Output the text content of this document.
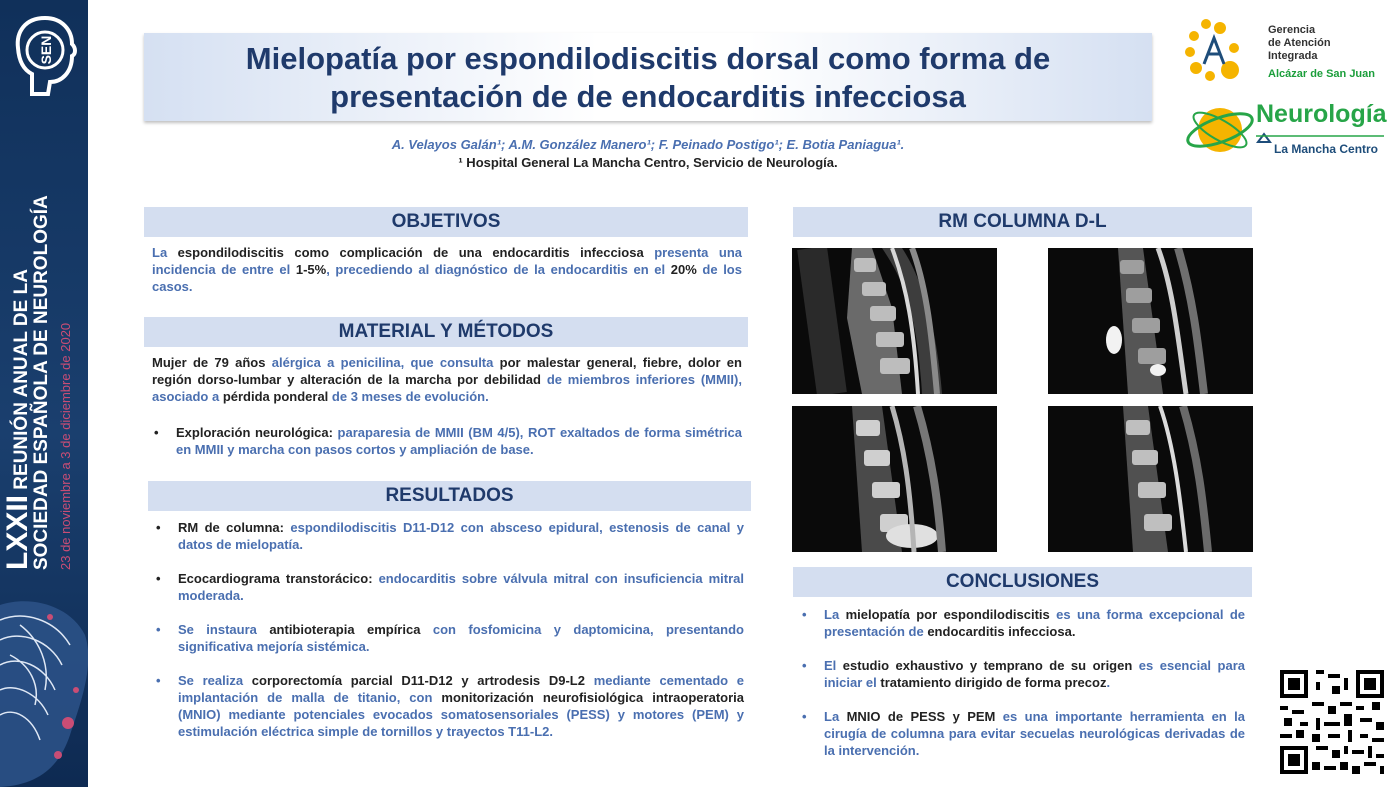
SEN
LXXII REUNIÓN ANUAL DE LA SOCIEDAD ESPAÑOLA DE NEUROLOGÍA 23 de noviembre a 3 de diciembre de 2020
Mielopatía por espondilodiscitis dorsal como forma de
presentación de de endocarditis infecciosa
A. Velayos Galán¹; A.M. González Manero¹; F. Peinado Postigo¹; E. Botia Paniagua¹.
¹ Hospital General La Mancha Centro, Servicio de Neurología.
Gerencia
de Atención
Integrada
Alcázar de San Juan
Neurología
La Mancha Centro
OBJETIVOS
La espondilodiscitis como complicación de una endocarditis infecciosa presenta una incidencia de entre el 1-5%, precediendo al diagnóstico de la endocarditis en el 20% de los casos.
MATERIAL Y MÉTODOS
Mujer de 79 años alérgica a penicilina, que consulta por malestar general, fiebre, dolor en región dorso-lumbar y alteración de la marcha por debilidad de miembros inferiores (MMII), asociado a pérdida ponderal de 3 meses de evolución.
• Exploración neurológica: paraparesia de MMII (BM 4/5), ROT exaltados de forma simétrica en MMII y marcha con pasos cortos y ampliación de base.
RESULTADOS
• RM de columna: espondilodiscitis D11-D12 con absceso epidural, estenosis de canal y datos de mielopatía.
• Ecocardiograma transtorácico: endocarditis sobre válvula mitral con insuficiencia mitral moderada.
• Se instaura antibioterapia empírica con fosfomicina y daptomicina, presentando significativa mejoría sistémica.
• Se realiza corporectomía parcial D11-D12 y artrodesis D9-L2 mediante cementado e implantación de malla de titanio, con monitorización neurofisiológica intraoperatoria (MNIO) mediante potenciales evocados somatosensoriales (PESS) y motores (PEM) y estimulación eléctrica simple de tornillos y trayectos T11-L2.
RM COLUMNA D-L
CONCLUSIONES
• La mielopatía por espondilodiscitis es una forma excepcional de presentación de endocarditis infecciosa.
• El estudio exhaustivo y temprano de su origen es esencial para iniciar el tratamiento dirigido de forma precoz.
• La MNIO de PESS y PEM es una importante herramienta en la cirugía de columna para evitar secuelas neurológicas derivadas de la intervención.
